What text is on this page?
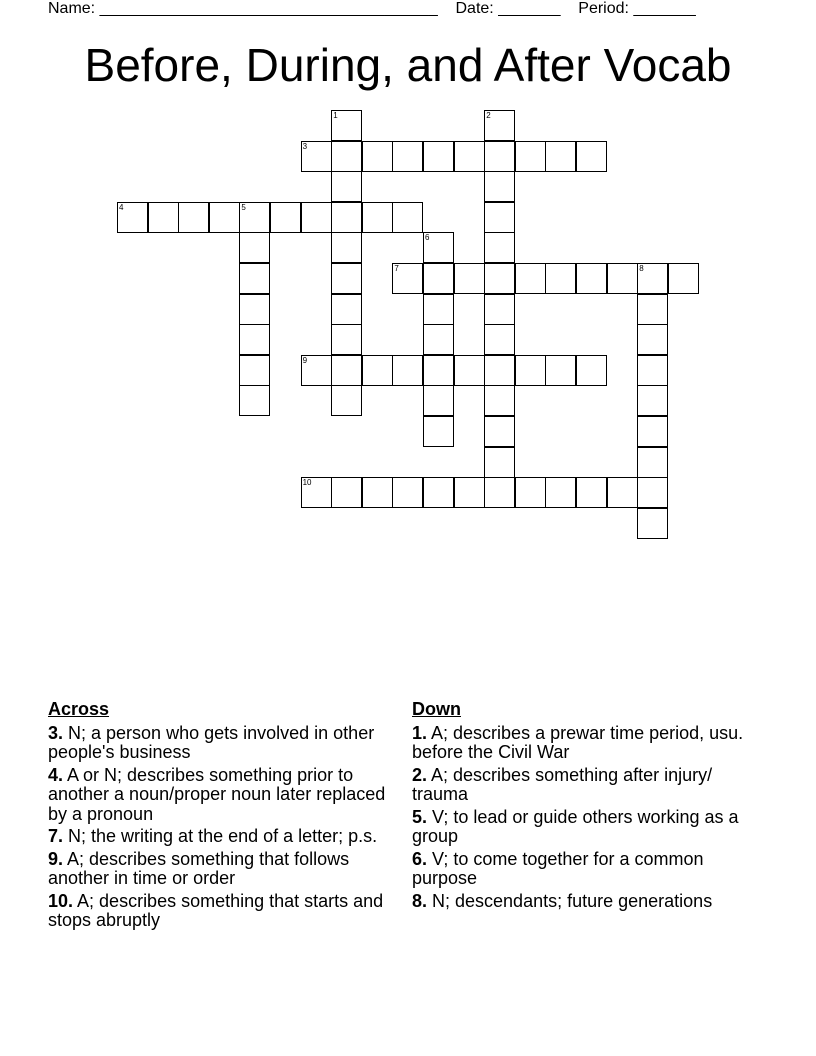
Name: ______________________________________ Date: _______ Period: _______
Before, During, and After Vocab
1	2
3
4	5
6
7	8
9
10
Across
3. N; a person who gets involved in other people's business
4. A or N; describes something prior to another a noun/proper noun later replaced by a pronoun
7. N; the writing at the end of a letter; p.s.
9. A; describes something that follows another in time or order
10. A; describes something that starts and stops abruptly
Down
1. A; describes a prewar time period, usu. before the Civil War
2. A; describes something after injury/ trauma
5. V; to lead or guide others working as a group
6. V; to come together for a common purpose
8. N; descendants; future generations
